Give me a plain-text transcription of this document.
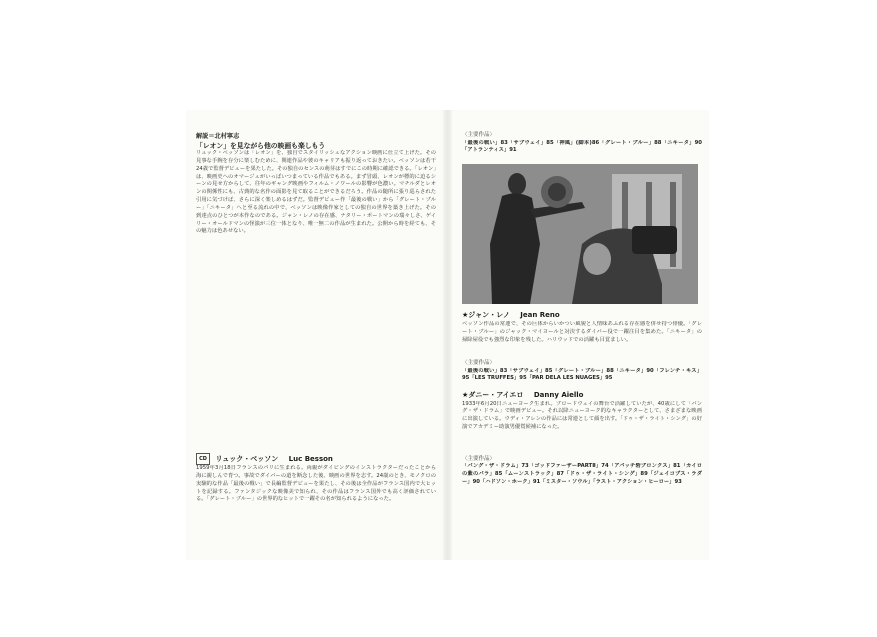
解説＝北村寧志
「レオン」を見ながら他の映画も楽しもう

リュック・ベッソンは「レオン」を、独自でスタイリッシュなアクション映画に仕立て上げた。その見事な手腕を存分に楽しむために、関連作品や彼のキャリアも振り返っておきたい。ベッソンは若干24歳で監督デビューを果たした。その独自のセンスの萌芽はすでにこの時期に確認できる。「レオン」は、映画史へのオマージュがいっぱいつまっている作品でもある。まず冒頭、レオンが標的に迫るシーンの見せ方からして、往年のギャング映画やフィルム・ノワールの影響が色濃い。マチルダとレオンの関係性にも、古典的な名作の面影を見て取ることができるだろう。作品の随所に張り巡らされた引用に気づけば、さらに深く楽しめるはずだ。監督デビュー作「最後の戦い」から「グレート・ブルー」「ニキータ」へと至る流れの中で、ベッソンは映像作家としての独自の世界を築き上げた。その到達点のひとつが本作なのである。ジャン・レノの存在感、ナタリー・ポートマンの瑞々しさ、ゲイリー・オールドマンの怪演が三位一体となり、唯一無二の作品が生まれた。公開から時を経ても、その魅力は色あせない。

CD リュック・ベッソン Luc Besson

1959年3月18日フランスのパリに生まれる。両親がダイビングのインストラクターだったことから海に親しんで育つ。事故でダイバーの道を断念した後、映画の世界を志す。24歳のとき、モノクロの実験的な作品「最後の戦い」で長編監督デビューを果たし、その後は全作品がフランス国内で大ヒットを記録する。ファンタジックな映像美で知られ、その作品はフランス国外でも高く評価されている。「グレート・ブルー」の世界的なヒットで一躍その名が知られるようになった。

〈主要作品〉

「最後の戦い」83「サブウェイ」85「神風」(脚本)86「グレート・ブルー」88「ニキータ」90「アトランティス」91

★ジャン・レノ Jean Reno

ベッソン作品の常連で、その巨体からいかつい風貌と人情味あふれる存在感を併せ持つ俳優。「グレート・ブルー」のジャック・マイヨールと対決するダイバー役で一躍注目を集めた。「ニキータ」の掃除屋役でも強烈な印象を残した。ハリウッドでの活躍も目覚ましい。

〈主要作品〉

「最後の戦い」83「サブウェイ」85「グレート・ブルー」88「ニキータ」90「フレンチ・キス」95「LES TRUFFES」95「PAR DELA LES NUAGES」95

★ダニー・アイエロ Danny Aiello

1933年6月20日ニューヨーク生まれ。ブロードウェイの舞台で活躍していたが、40歳にして「バング・ザ・ドラム」で映画デビュー。それ以降ニューヨーク的なキャラクターとして、さまざまな映画に出演している。ウディ・アレンの作品には常連として顔を出す。「ドゥ・ザ・ライト・シング」の好演でアカデミー助演男優賞候補になった。

〈主要作品〉

「バング・ザ・ドラム」73「ゴッドファーザーPARTⅡ」74「アパッチ砦ブロンクス」81「カイロの紫のバラ」85「ムーンストラック」87「ドゥ・ザ・ライト・シング」89「ジェイコブス・ラダー」90「ハドソン・ホーク」91「ミスター・ソウル」「ラスト・アクション・ヒーロー」93
